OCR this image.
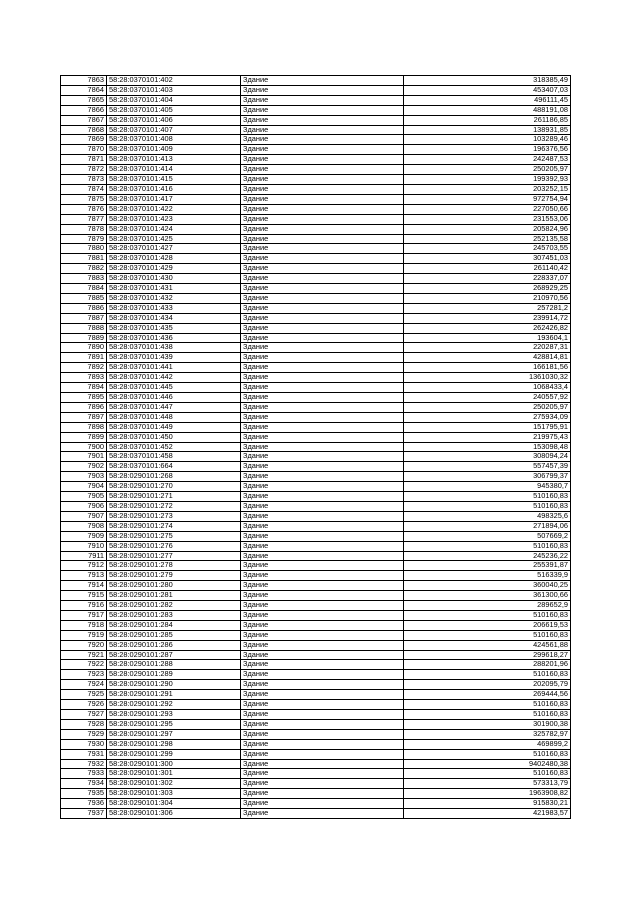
7863	58:28:0370101:402	Здание	318385,49
7864	58:28:0370101:403	Здание	453407,03
7865	58:28:0370101:404	Здание	496111,45
7866	58:28:0370101:405	Здание	488191,08
7867	58:28:0370101:406	Здание	261186,85
7868	58:28:0370101:407	Здание	138931,85
7869	58:28:0370101:408	Здание	103289,46
7870	58:28:0370101:409	Здание	196376,56
7871	58:28:0370101:413	Здание	242487,53
7872	58:28:0370101:414	Здание	250205,97
7873	58:28:0370101:415	Здание	199392,93
7874	58:28:0370101:416	Здание	203252,15
7875	58:28:0370101:417	Здание	972754,94
7876	58:28:0370101:422	Здание	227050,66
7877	58:28:0370101:423	Здание	231553,06
7878	58:28:0370101:424	Здание	205824,96
7879	58:28:0370101:425	Здание	252135,58
7880	58:28:0370101:427	Здание	245703,55
7881	58:28:0370101:428	Здание	307451,03
7882	58:28:0370101:429	Здание	261140,42
7883	58:28:0370101:430	Здание	228337,07
7884	58:28:0370101:431	Здание	268929,25
7885	58:28:0370101:432	Здание	210970,56
7886	58:28:0370101:433	Здание	257281,2
7887	58:28:0370101:434	Здание	239914,72
7888	58:28:0370101:435	Здание	262426,82
7889	58:28:0370101:436	Здание	193604,1
7890	58:28:0370101:438	Здание	220287,31
7891	58:28:0370101:439	Здание	428814,81
7892	58:28:0370101:441	Здание	166181,56
7893	58:28:0370101:442	Здание	1361030,32
7894	58:28:0370101:445	Здание	1068433,4
7895	58:28:0370101:446	Здание	240557,92
7896	58:28:0370101:447	Здание	250205,97
7897	58:28:0370101:448	Здание	275934,09
7898	58:28:0370101:449	Здание	151795,91
7899	58:28:0370101:450	Здание	219975,43
7900	58:28:0370101:452	Здание	153098,48
7901	58:28:0370101:458	Здание	308094,24
7902	58:28:0370101:664	Здание	557457,39
7903	58:28:0290101:268	Здание	306799,37
7904	58:28:0290101:270	Здание	945380,7
7905	58:28:0290101:271	Здание	510160,83
7906	58:28:0290101:272	Здание	510160,83
7907	58:28:0290101:273	Здание	498325,6
7908	58:28:0290101:274	Здание	271894,06
7909	58:28:0290101:275	Здание	507669,2
7910	58:28:0290101:276	Здание	510160,83
7911	58:28:0290101:277	Здание	245236,22
7912	58:28:0290101:278	Здание	255391,87
7913	58:28:0290101:279	Здание	516339,9
7914	58:28:0290101:280	Здание	360040,25
7915	58:28:0290101:281	Здание	361300,66
7916	58:28:0290101:282	Здание	289652,9
7917	58:28:0290101:283	Здание	510160,83
7918	58:28:0290101:284	Здание	206619,53
7919	58:28:0290101:285	Здание	510160,83
7920	58:28:0290101:286	Здание	424561,88
7921	58:28:0290101:287	Здание	299618,27
7922	58:28:0290101:288	Здание	288201,96
7923	58:28:0290101:289	Здание	510160,83
7924	58:28:0290101:290	Здание	202095,79
7925	58:28:0290101:291	Здание	269444,56
7926	58:28:0290101:292	Здание	510160,83
7927	58:28:0290101:293	Здание	510160,83
7928	58:28:0290101:295	Здание	301900,38
7929	58:28:0290101:297	Здание	325782,97
7930	58:28:0290101:298	Здание	469899,2
7931	58:28:0290101:299	Здание	510160,83
7932	58:28:0290101:300	Здание	9402480,38
7933	58:28:0290101:301	Здание	510160,83
7934	58:28:0290101:302	Здание	573313,79
7935	58:28:0290101:303	Здание	1963908,82
7936	58:28:0290101:304	Здание	915830,21
7937	58:28:0290101:306	Здание	421983,57
